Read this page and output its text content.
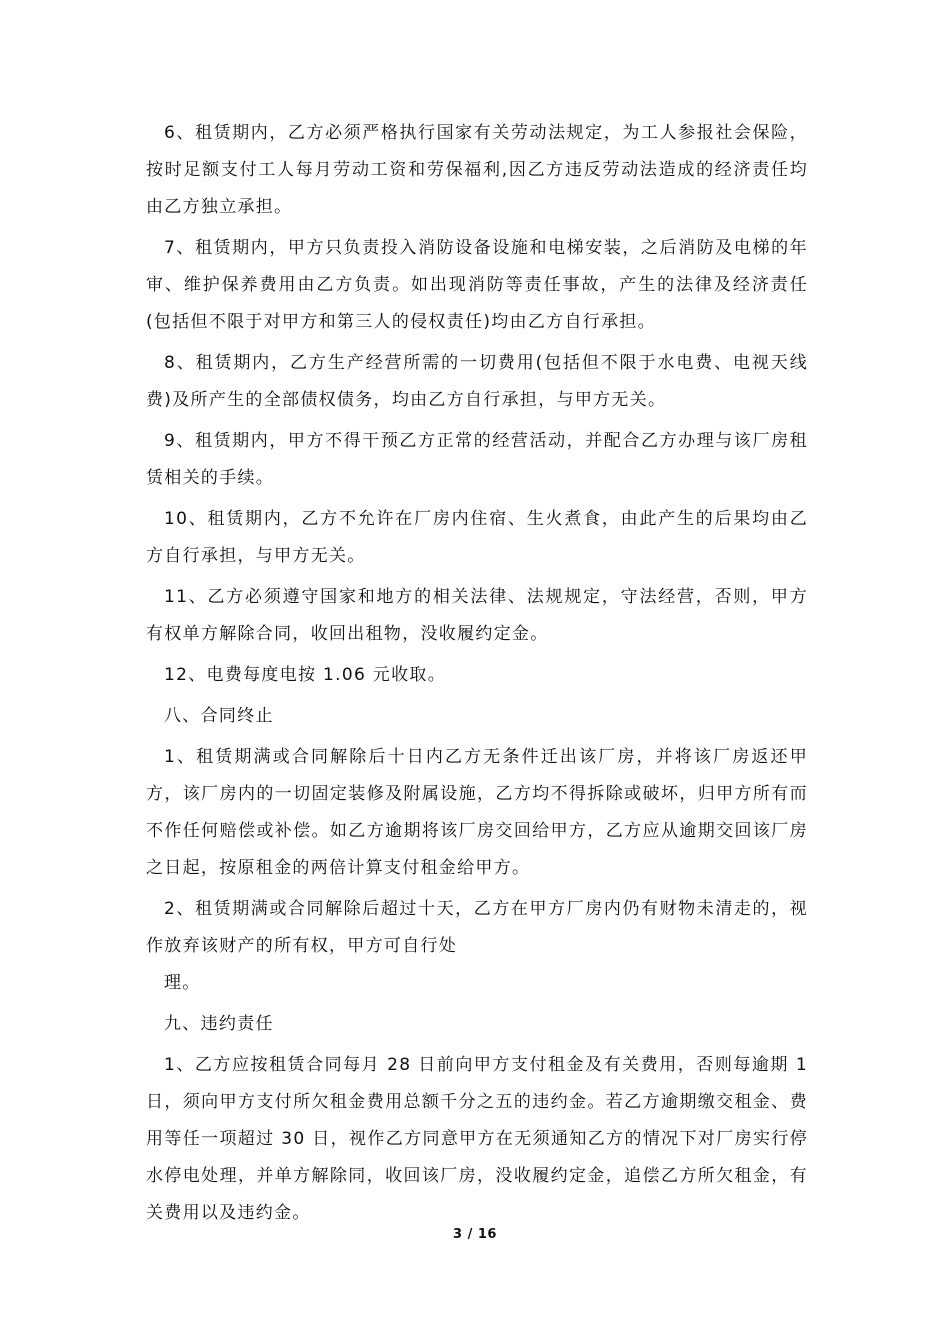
6、租赁期内，乙方必须严格执行国家有关劳动法规定，为工人参报社会保险，按时足额支付工人每月劳动工资和劳保福利,因乙方违反劳动法造成的经济责任均由乙方独立承担。

7、租赁期内，甲方只负责投入消防设备设施和电梯安装，之后消防及电梯的年审、维护保养费用由乙方负责。如出现消防等责任事故，产生的法律及经济责任(包括但不限于对甲方和第三人的侵权责任)均由乙方自行承担。

8、租赁期内，乙方生产经营所需的一切费用(包括但不限于水电费、电视天线费)及所产生的全部债权债务，均由乙方自行承担，与甲方无关。

9、租赁期内，甲方不得干预乙方正常的经营活动，并配合乙方办理与该厂房租赁相关的手续。

10、租赁期内，乙方不允许在厂房内住宿、生火煮食，由此产生的后果均由乙方自行承担，与甲方无关。

11、乙方必须遵守国家和地方的相关法律、法规规定，守法经营，否则，甲方有权单方解除合同，收回出租物，没收履约定金。

12、电费每度电按 1.06 元收取。

八、合同终止

1、租赁期满或合同解除后十日内乙方无条件迁出该厂房，并将该厂房返还甲方，该厂房内的一切固定装修及附属设施，乙方均不得拆除或破坏，归甲方所有而不作任何赔偿或补偿。如乙方逾期将该厂房交回给甲方，乙方应从逾期交回该厂房之日起，按原租金的两倍计算支付租金给甲方。

2、租赁期满或合同解除后超过十天，乙方在甲方厂房内仍有财物未清走的，视作放弃该财产的所有权，甲方可自行处

理。

九、违约责任

1、乙方应按租赁合同每月 28 日前向甲方支付租金及有关费用，否则每逾期 1 日，须向甲方支付所欠租金费用总额千分之五的违约金。若乙方逾期缴交租金、费用等任一项超过 30 日，视作乙方同意甲方在无须通知乙方的情况下对厂房实行停水停电处理，并单方解除同，收回该厂房，没收履约定金，追偿乙方所欠租金，有关费用以及违约金。

3 / 16
